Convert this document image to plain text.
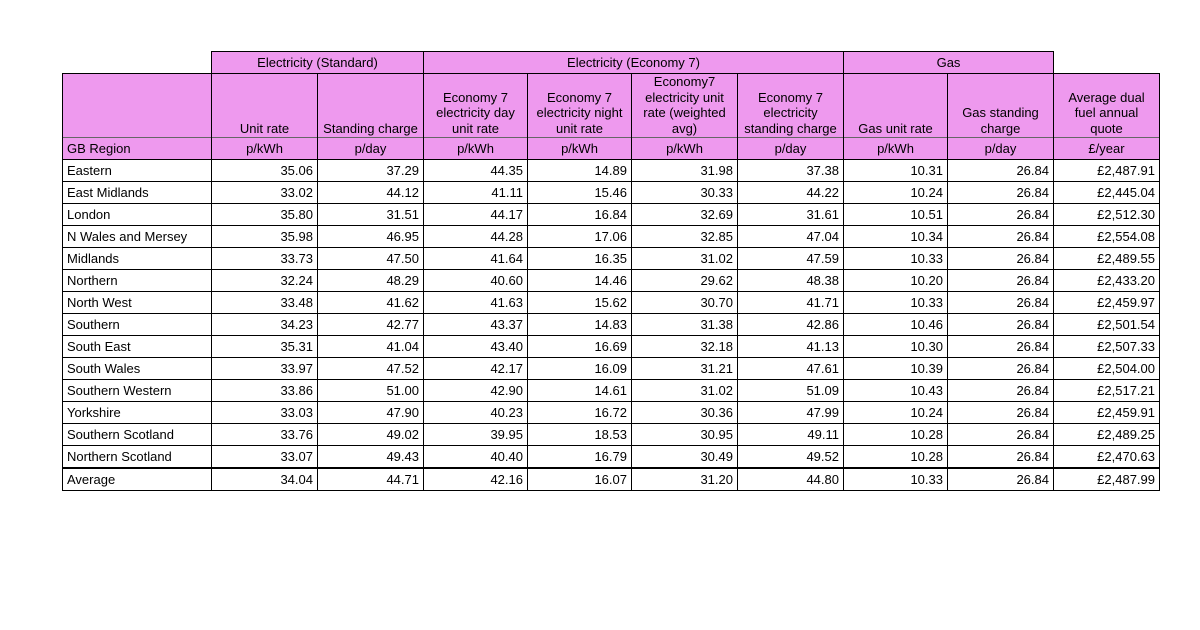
	Electricity (Standard)		Electricity (Economy 7)				Gas		
	Unit rate	Standing charge	Economy 7 electricity day unit rate	Economy 7 electricity night unit rate	Economy7 electricity unit rate (weighted avg)	Economy 7 electricity standing charge	Gas unit rate	Gas standing charge	Average dual fuel annual quote
GB Region	p/kWh	p/day	p/kWh	p/kWh	p/kWh	p/day	p/kWh	p/day	£/year
Eastern	35.06	37.29	44.35	14.89	31.98	37.38	10.31	26.84	£2,487.91
East Midlands	33.02	44.12	41.11	15.46	30.33	44.22	10.24	26.84	£2,445.04
London	35.80	31.51	44.17	16.84	32.69	31.61	10.51	26.84	£2,512.30
N Wales and Mersey	35.98	46.95	44.28	17.06	32.85	47.04	10.34	26.84	£2,554.08
Midlands	33.73	47.50	41.64	16.35	31.02	47.59	10.33	26.84	£2,489.55
Northern	32.24	48.29	40.60	14.46	29.62	48.38	10.20	26.84	£2,433.20
North West	33.48	41.62	41.63	15.62	30.70	41.71	10.33	26.84	£2,459.97
Southern	34.23	42.77	43.37	14.83	31.38	42.86	10.46	26.84	£2,501.54
South East	35.31	41.04	43.40	16.69	32.18	41.13	10.30	26.84	£2,507.33
South Wales	33.97	47.52	42.17	16.09	31.21	47.61	10.39	26.84	£2,504.00
Southern Western	33.86	51.00	42.90	14.61	31.02	51.09	10.43	26.84	£2,517.21
Yorkshire	33.03	47.90	40.23	16.72	30.36	47.99	10.24	26.84	£2,459.91
Southern Scotland	33.76	49.02	39.95	18.53	30.95	49.11	10.28	26.84	£2,489.25
Northern Scotland	33.07	49.43	40.40	16.79	30.49	49.52	10.28	26.84	£2,470.63
Average	34.04	44.71	42.16	16.07	31.20	44.80	10.33	26.84	£2,487.99
